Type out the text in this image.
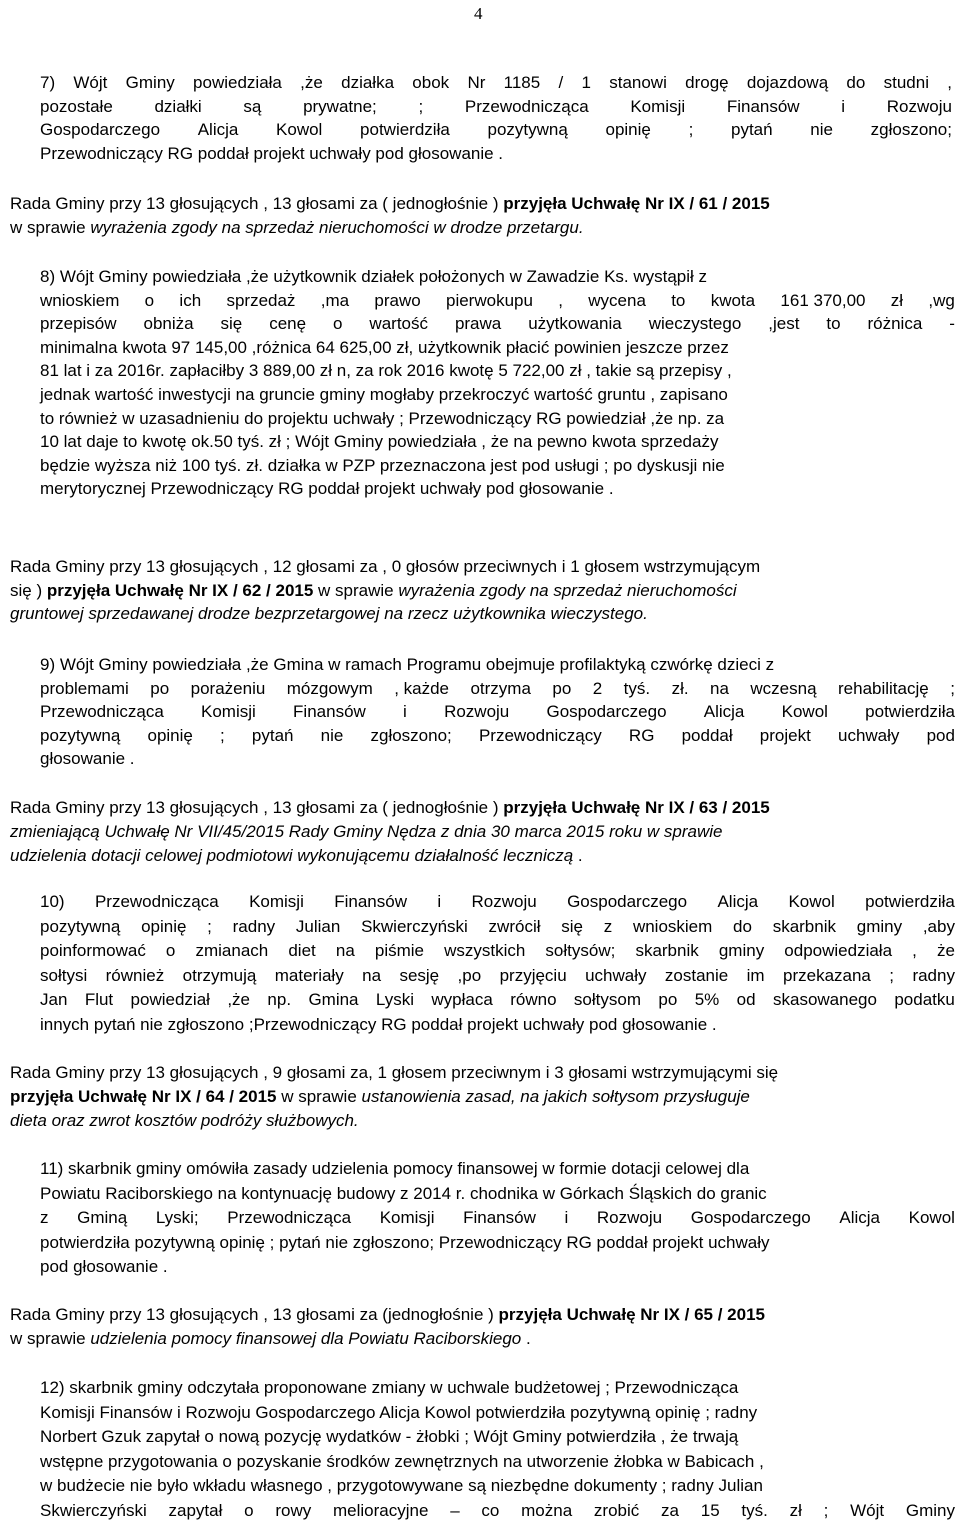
4
7) Wójt Gminy powiedziała ,że działka obok Nr 1185 / 1 stanowi drogę dojazdową do studni ,
pozostałe działki są prywatne; ; Przewodnicząca Komisji Finansów i Rozwoju
Gospodarczego Alicja Kowol potwierdziła pozytywną opinię ; pytań nie zgłoszono;
Przewodniczący RG poddał projekt uchwały pod głosowanie .
Rada Gminy przy 13 głosujących , 13 głosami za ( jednogłośnie ) przyjęła Uchwałę Nr IX / 61 / 2015
w sprawie wyrażenia zgody na sprzedaż nieruchomości w drodze przetargu.
8) Wójt Gminy powiedziała ,że użytkownik działek położonych w Zawadzie Ks. wystąpił z
wnioskiem o ich sprzedaż ,ma prawo pierwokupu , wycena to kwota 161 370,00 zł ,wg
przepisów obniża się cenę o wartość prawa użytkowania wieczystego ,jest to różnica -
minimalna kwota 97 145,00 ,różnica 64 625,00 zł, użytkownik płacić powinien jeszcze przez
81 lat i za 2016r. zapłaciłby 3 889,00 zł n, za rok 2016 kwotę 5 722,00 zł , takie są przepisy ,
jednak wartość inwestycji na gruncie gminy mogłaby przekroczyć wartość gruntu , zapisano
to również w uzasadnieniu do projektu uchwały ; Przewodniczący RG powiedział ,że np. za
10 lat daje to kwotę ok.50 tyś. zł ; Wójt Gminy powiedziała , że na pewno kwota sprzedaży
będzie wyższa niż 100 tyś. zł. działka w PZP przeznaczona jest pod usługi ; po dyskusji nie
merytorycznej Przewodniczący RG poddał projekt uchwały pod głosowanie .
Rada Gminy przy 13 głosujących , 12 głosami za , 0 głosów przeciwnych i 1 głosem wstrzymującym
się ) przyjęła Uchwałę Nr IX / 62 / 2015 w sprawie wyrażenia zgody na sprzedaż nieruchomości
gruntowej sprzedawanej drodze bezprzetargowej na rzecz użytkownika wieczystego.
9) Wójt Gminy powiedziała ,że Gmina w ramach Programu obejmuje profilaktyką czwórkę dzieci z
problemami po porażeniu mózgowym , każde otrzyma po 2 tyś. zł. na wczesną rehabilitację ;
Przewodnicząca Komisji Finansów i Rozwoju Gospodarczego Alicja Kowol potwierdziła
pozytywną opinię ; pytań nie zgłoszono; Przewodniczący RG poddał projekt uchwały pod
głosowanie .
Rada Gminy przy 13 głosujących , 13 głosami za ( jednogłośnie ) przyjęła Uchwałę Nr IX / 63 / 2015
zmieniającą Uchwałę Nr VII/45/2015 Rady Gminy Nędza z dnia 30 marca 2015 roku w sprawie
udzielenia dotacji celowej podmiotowi wykonującemu działalność leczniczą .
10) Przewodnicząca Komisji Finansów i Rozwoju Gospodarczego Alicja Kowol potwierdziła
pozytywną opinię ; radny Julian Skwierczyński zwrócił się z wnioskiem do skarbnik gminy ,aby
poinformować o zmianach diet na piśmie wszystkich sołtysów; skarbnik gminy odpowiedziała , że
sołtysi również otrzymują materiały na sesję ,po przyjęciu uchwały zostanie im przekazana ; radny
Jan Flut powiedział ,że np. Gmina Lyski wypłaca równo sołtysom po 5% od skasowanego podatku
innych pytań nie zgłoszono ;Przewodniczący RG poddał projekt uchwały pod głosowanie .
Rada Gminy przy 13 głosujących , 9 głosami za, 1 głosem przeciwnym i 3 głosami wstrzymującymi się
przyjęła Uchwałę Nr IX / 64 / 2015 w sprawie ustanowienia zasad, na jakich sołtysom przysługuje
dieta oraz zwrot kosztów podróży służbowych.
11) skarbnik gminy omówiła zasady udzielenia pomocy finansowej w formie dotacji celowej dla
Powiatu Raciborskiego na kontynuację budowy z 2014 r. chodnika w Górkach Śląskich do granic
z Gminą Lyski; Przewodnicząca Komisji Finansów i Rozwoju Gospodarczego Alicja Kowol
potwierdziła pozytywną opinię ; pytań nie zgłoszono; Przewodniczący RG poddał projekt uchwały
pod głosowanie .
Rada Gminy przy 13 głosujących , 13 głosami za (jednogłośnie ) przyjęła Uchwałę Nr IX / 65 / 2015
w sprawie udzielenia pomocy finansowej dla Powiatu Raciborskiego .
12) skarbnik gminy odczytała proponowane zmiany w uchwale budżetowej ; Przewodnicząca
Komisji Finansów i Rozwoju Gospodarczego Alicja Kowol potwierdziła pozytywną opinię ; radny
Norbert Gzuk zapytał o nową pozycję wydatków - żłobki ; Wójt Gminy potwierdziła , że trwają
wstępne przygotowania o pozyskanie środków zewnętrznych na utworzenie żłobka w Babicach ,
w budżecie nie było wkładu własnego , przygotowywane są niezbędne dokumenty ; radny Julian
Skwierczyński zapytał o rowy melioracyjne – co można zrobić za 15 tyś. zł ; Wójt Gminy
